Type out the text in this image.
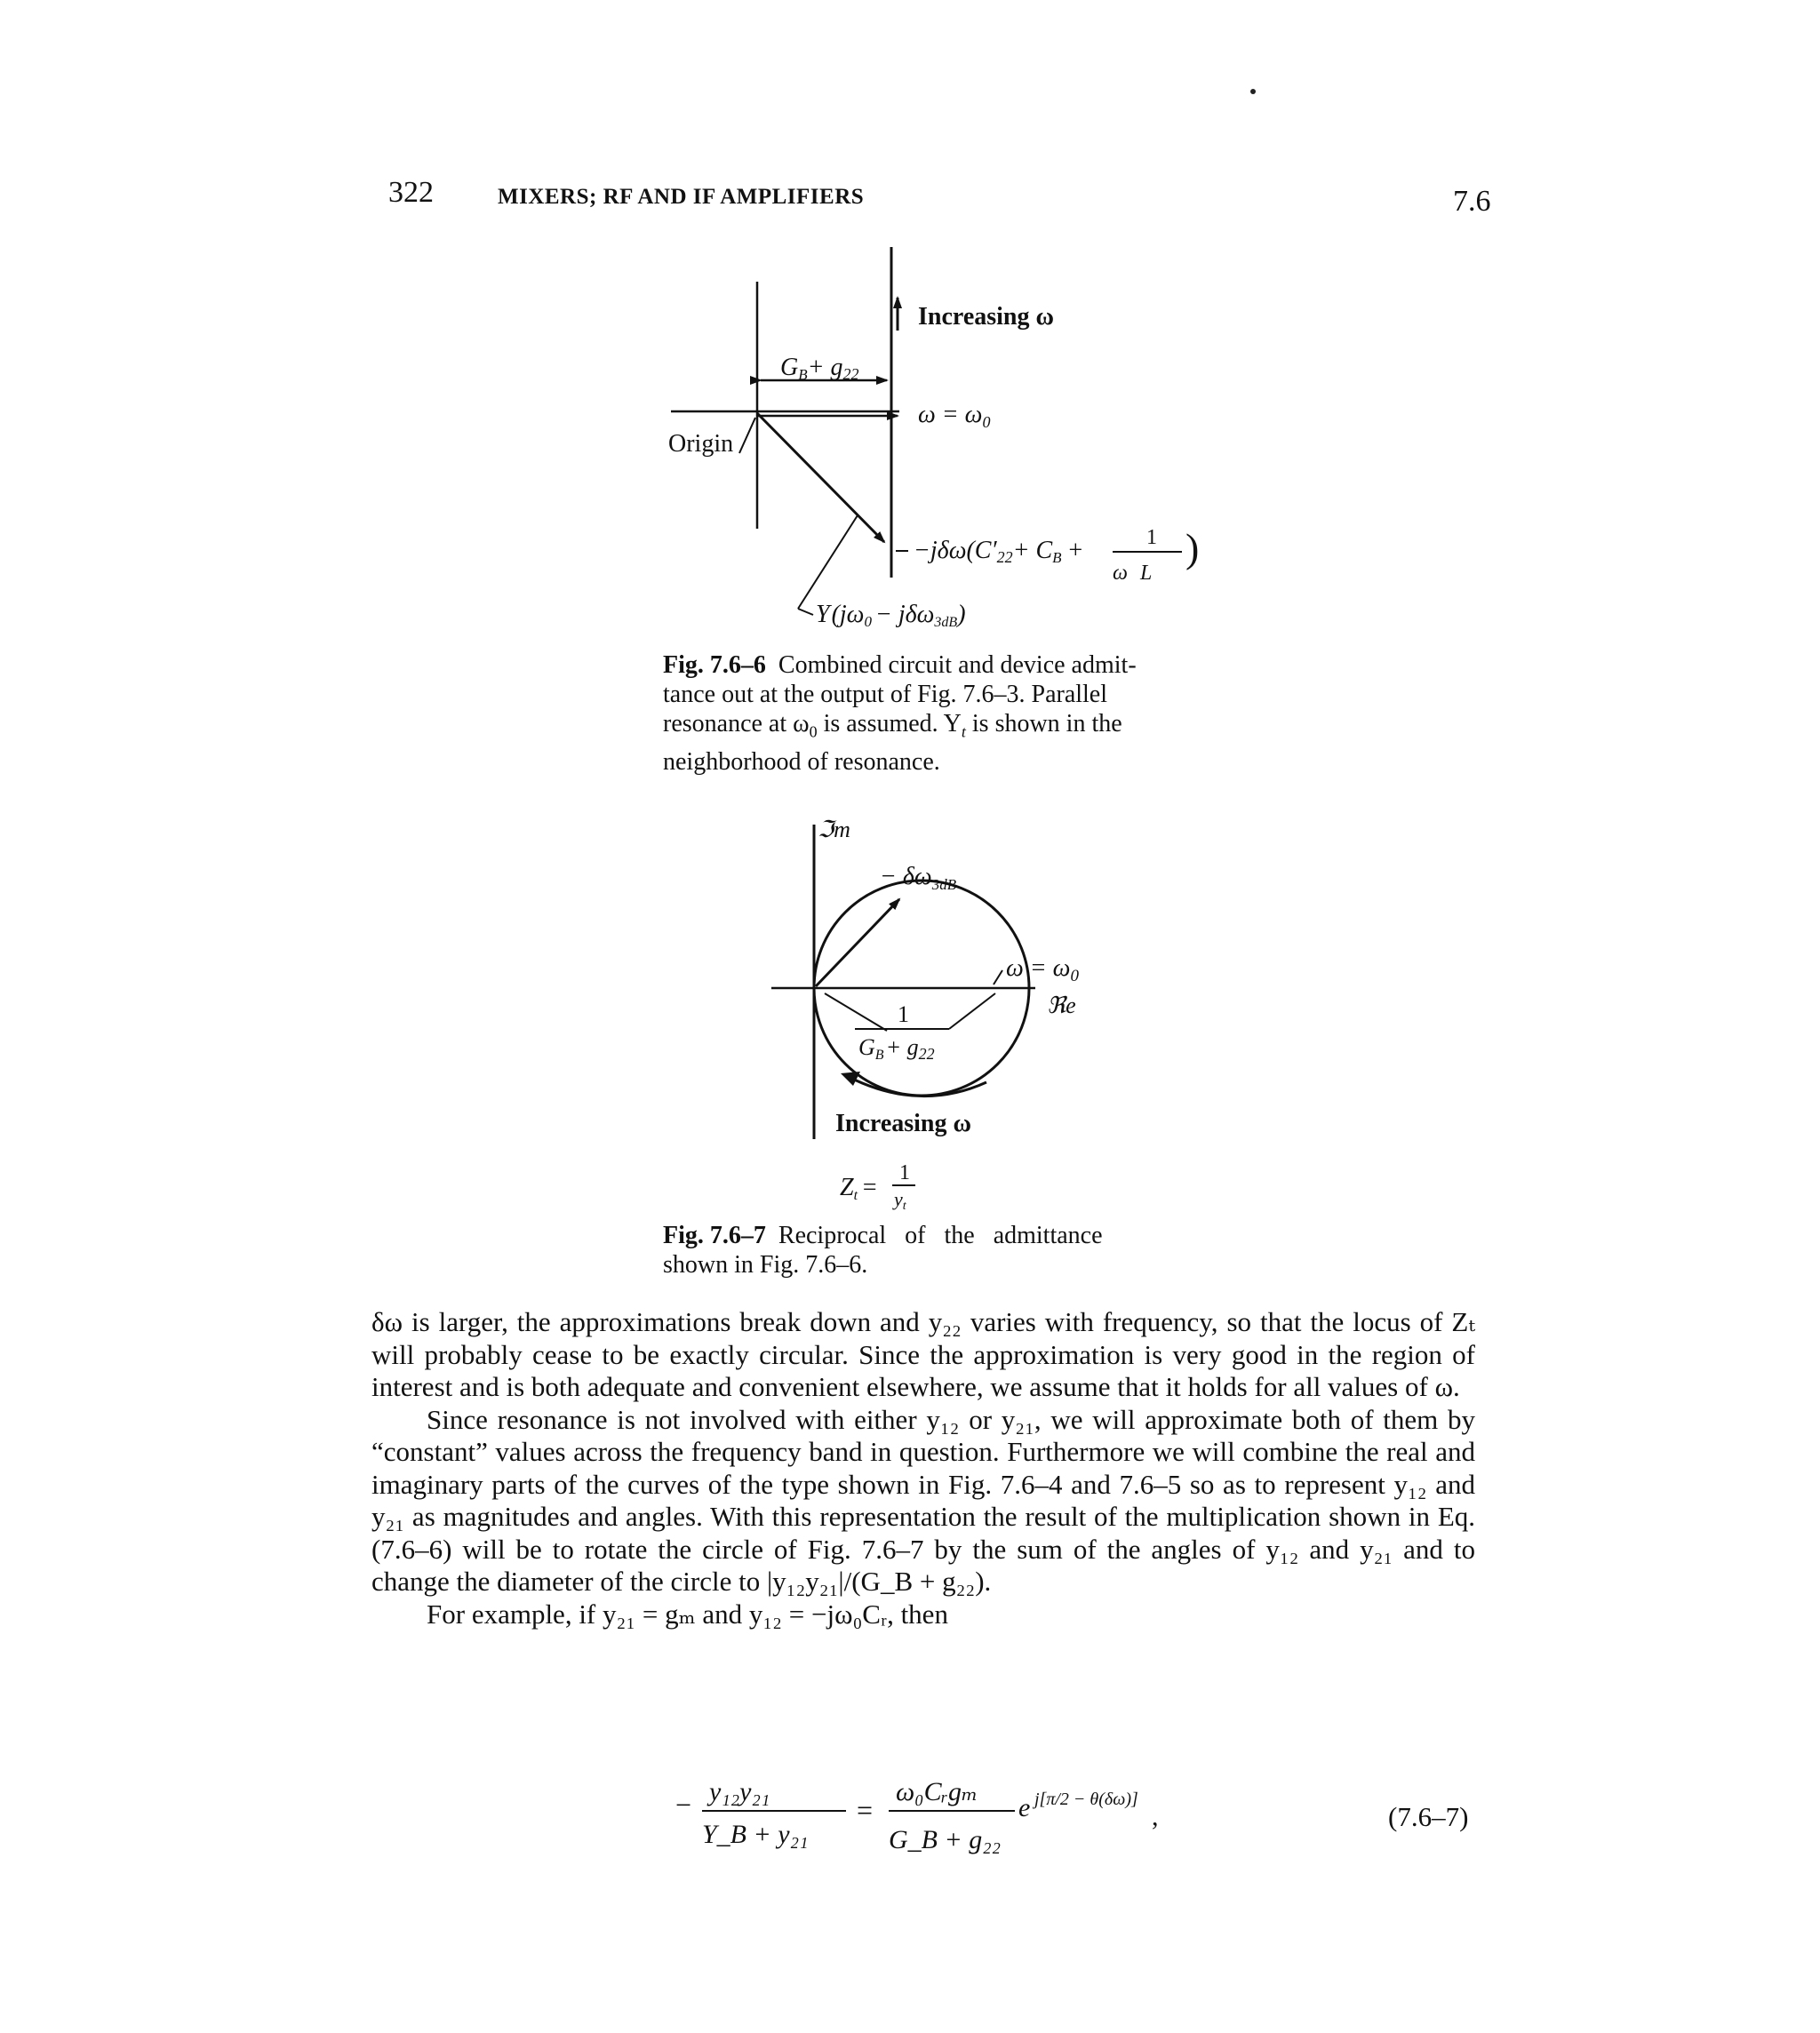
322	MIXERS; RF AND IF AMPLIFIERS	7.6
Increasing ω
GB+ g22
$\omega = \omega_0$
Origin
−jδω(C′22+ CB +	1
ω L
)
Y(jω0 − jδω3dB)
ℑm
− $\delta\omega_{3dB}$
$\omega = \omega_0$
ℜe
1
GB+ g22
Increasing ω
Zt =
1
yt
Fig. 7.6–6 Combined circuit and device admit-
tance out at the output of Fig. 7.6–3. Parallel
resonance at $\omega_0$ is assumed. $Y_t$ is shown in the
neighborhood of resonance.
Fig. 7.6–7 Reciprocal   of   the   admittance
shown in Fig. 7.6–6.

δω is larger, the approximations break down and y₂₂ varies with frequency, so that the locus of Zₜ will probably cease to be exactly circular. Since the approximation is very good in the region of interest and is both adequate and convenient elsewhere, we assume that it holds for all values of ω.

Since resonance is not involved with either y₁₂ or y₂₁, we will approximate both of them by “constant” values across the frequency band in question. Furthermore we will combine the real and imaginary parts of the curves of the type shown in Fig. 7.6–4 and 7.6–5 so as to represent y₁₂ and y₂₁ as magnitudes and angles. With this representation the result of the multiplication shown in Eq. (7.6–6) will be to rotate the circle of Fig. 7.6–7 by the sum of the angles of y₁₂ and y₂₁ and to change the diameter of the circle to |y₁₂y₂₁|/(G_B + g₂₂).

For example, if y₂₁ = gₘ and y₁₂ = −jω₀Cᵣ, then

− y₁₂y₂₁
Y_B + y₂₁
=
ω₀Cᵣgₘ
G_B + g₂₂
e j[π/2 − θ(δω)]
,	(7.6–7)
